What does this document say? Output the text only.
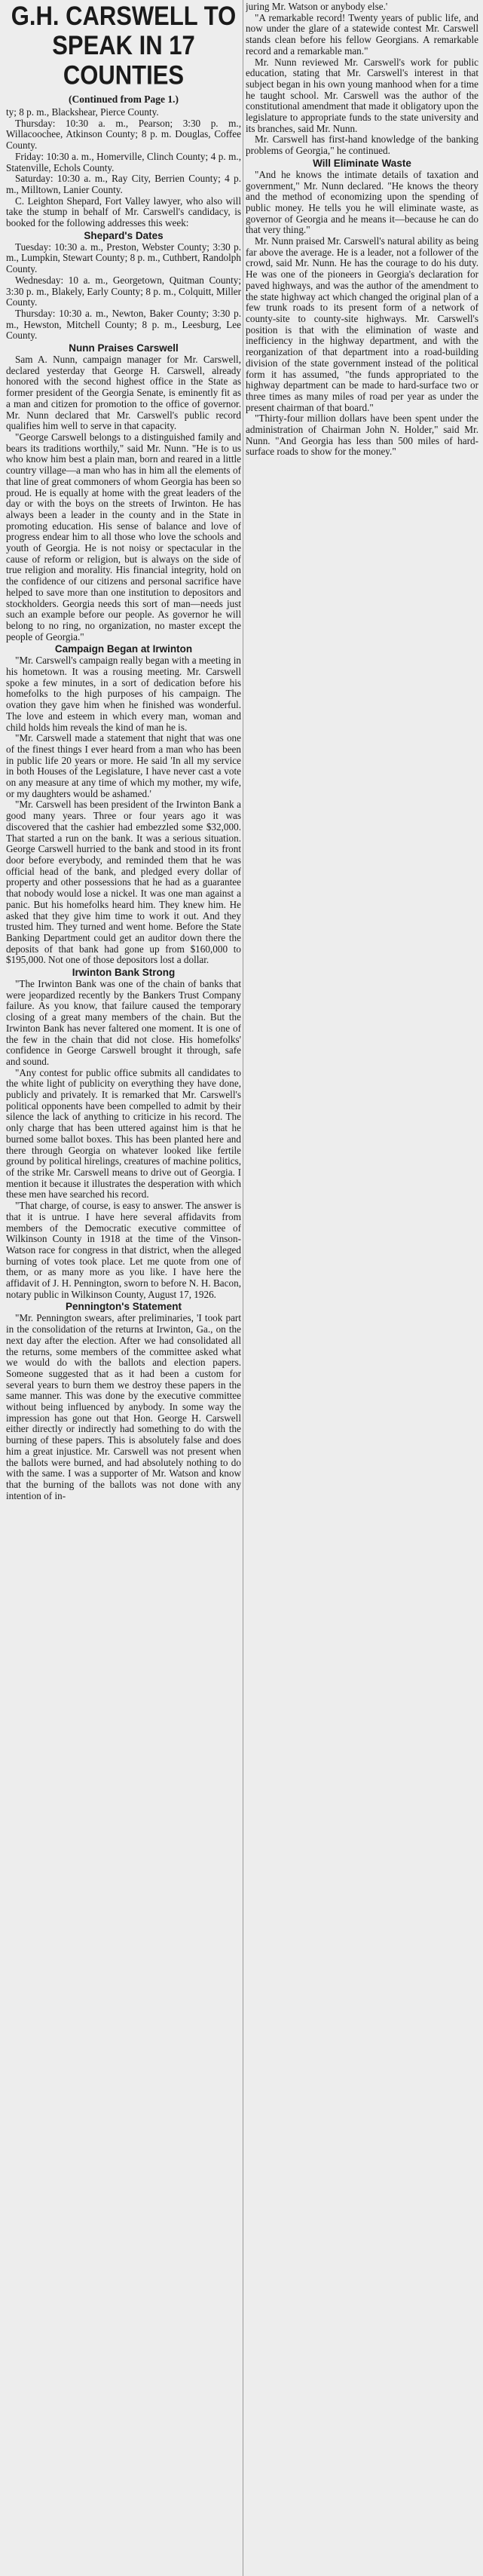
G.H. CARSWELL TO
SPEAK IN 17
COUNTIES

(Continued from Page 1.)

ty; 8 p. m., Blackshear, Pierce County.

Thursday: 10:30 a. m., Pearson; 3:30 p. m., Willacoochee, Atkinson County; 8 p. m. Douglas, Coffee County.

Friday: 10:30 a. m., Homerville, Clinch County; 4 p. m., Statenville, Echols County.

Saturday: 10:30 a. m., Ray City, Berrien County; 4 p. m., Milltown, Lanier County.

C. Leighton Shepard, Fort Valley lawyer, who also will take the stump in behalf of Mr. Carswell's candidacy, is booked for the following addresses this week:

Shepard's Dates

Tuesday: 10:30 a. m., Preston, Webster County; 3:30 p. m., Lumpkin, Stewart County; 8 p. m., Cuthbert, Randolph County.

Wednesday: 10 a. m., Georgetown, Quitman County; 3:30 p. m., Blakely, Early County; 8 p. m., Colquitt, Miller County.

Thursday: 10:30 a. m., Newton, Baker County; 3:30 p. m., Hewston, Mitchell County; 8 p. m., Leesburg, Lee County.

Nunn Praises Carswell

Sam A. Nunn, campaign manager for Mr. Carswell, declared yesterday that George H. Carswell, already honored with the second highest office in the State as former president of the Georgia Senate, is eminently fit as a man and citizen for promotion to the office of governor. Mr. Nunn declared that Mr. Carswell's public record qualifies him well to serve in that capacity.

"George Carswell belongs to a distinguished family and bears its traditions worthily," said Mr. Nunn. "He is to us who know him best a plain man, born and reared in a little country village—a man who has in him all the elements of that line of great commoners of whom Georgia has been so proud. He is equally at home with the great leaders of the day or with the boys on the streets of Irwinton. He has always been a leader in the county and in the State in promoting education. His sense of balance and love of progress endear him to all those who love the schools and youth of Georgia. He is not noisy or spectacular in the cause of reform or religion, but is always on the side of true religion and morality. His financial integrity, hold on the confidence of our citizens and personal sacrifice have helped to save more than one institution to depositors and stockholders. Georgia needs this sort of man—needs just such an example before our people. As governor he will belong to no ring, no organization, no master except the people of Georgia."

Campaign Began at Irwinton

"Mr. Carswell's campaign really began with a meeting in his hometown. It was a rousing meeting. Mr. Carswell spoke a few minutes, in a sort of dedication before his homefolks to the high purposes of his campaign. The ovation they gave him when he finished was wonderful. The love and esteem in which every man, woman and child holds him reveals the kind of man he is.

"Mr. Carswell made a statement that night that was one of the finest things I ever heard from a man who has been in public life 20 years or more. He said 'In all my service in both Houses of the Legislature, I have never cast a vote on any measure at any time of which my mother, my wife, or my daughters would be ashamed.'

"Mr. Carswell has been president of the Irwinton Bank a good many years. Three or four years ago it was discovered that the cashier had embezzled some $32,000. That started a run on the bank. It was a serious situation. George Carswell hurried to the bank and stood in its front door before everybody, and reminded them that he was official head of the bank, and pledged every dollar of property and other possessions that he had as a guarantee that nobody would lose a nickel. It was one man against a panic. But his homefolks heard him. They knew him. He asked that they give him time to work it out. And they trusted him. They turned and went home. Before the State Banking Department could get an auditor down there the deposits of that bank had gone up from $160,000 to $195,000. Not one of those depositors lost a dollar.

Irwinton Bank Strong

"The Irwinton Bank was one of the chain of banks that were jeopardized recently by the Bankers Trust Company failure. As you know, that failure caused the temporary closing of a great many members of the chain. But the Irwinton Bank has never faltered one moment. It is one of the few in the chain that did not close. His homefolks' confidence in George Carswell brought it through, safe and sound.

"Any contest for public office submits all candidates to the white light of publicity on everything they have done, publicly and privately. It is remarked that Mr. Carswell's political opponents have been compelled to admit by their silence the lack of anything to criticize in his record. The only charge that has been uttered against him is that he burned some ballot boxes. This has been planted here and there through Georgia on whatever looked like fertile ground by political hirelings, creatures of machine politics, of the strike Mr. Carswell means to drive out of Georgia. I mention it because it illustrates the desperation with which these men have searched his record.

"That charge, of course, is easy to answer. The answer is that it is untrue. I have here several affidavits from members of the Democratic executive committee of Wilkinson County in 1918 at the time of the Vinson-Watson race for congress in that district, when the alleged burning of votes took place. Let me quote from one of them, or as many more as you like. I have here the affidavit of J. H. Pennington, sworn to before N. H. Bacon, notary public in Wilkinson County, August 17, 1926.

Pennington's Statement

"Mr. Pennington swears, after preliminaries, 'I took part in the consolidation of the returns at Irwinton, Ga., on the next day after the election. After we had consolidated all the returns, some members of the committee asked what we would do with the ballots and election papers. Someone suggested that as it had been a custom for several years to burn them we destroy these papers in the same manner. This was done by the executive committee without being influenced by anybody. In some way the impression has gone out that Hon. George H. Carswell either directly or indirectly had something to do with the burning of these papers. This is absolutely false and does him a great injustice. Mr. Carswell was not present when the ballots were burned, and had absolutely nothing to do with the same. I was a supporter of Mr. Watson and know that the burning of the ballots was not done with any intention of in-

juring Mr. Watson or anybody else.'

"A remarkable record! Twenty years of public life, and now under the glare of a statewide contest Mr. Carswell stands clean before his fellow Georgians. A remarkable record and a remarkable man."

Mr. Nunn reviewed Mr. Carswell's work for public education, stating that Mr. Carswell's interest in that subject began in his own young manhood when for a time he taught school. Mr. Carswell was the author of the constitutional amendment that made it obligatory upon the legislature to appropriate funds to the state university and its branches, said Mr. Nunn.

Mr. Carswell has first-hand knowledge of the banking problems of Georgia," he continued.

Will Eliminate Waste

"And he knows the intimate details of taxation and government," Mr. Nunn declared. "He knows the theory and the method of economizing upon the spending of public money. He tells you he will eliminate waste, as governor of Georgia and he means it—because he can do that very thing."

Mr. Nunn praised Mr. Carswell's natural ability as being far above the average. He is a leader, not a follower of the crowd, said Mr. Nunn. He has the courage to do his duty. He was one of the pioneers in Georgia's declaration for paved highways, and was the author of the amendment to the state highway act which changed the original plan of a few trunk roads to its present form of a network of county-site to county-site highways. Mr. Carswell's position is that with the elimination of waste and inefficiency in the highway department, and with the reorganization of that department into a road-building division of the state government instead of the political form it has assumed, "the funds appropriated to the highway department can be made to hard-surface two or three times as many miles of road per year as under the present chairman of that board."

"Thirty-four million dollars have been spent under the administration of Chairman John N. Holder," said Mr. Nunn. "And Georgia has less than 500 miles of hard-surface roads to show for the money."
